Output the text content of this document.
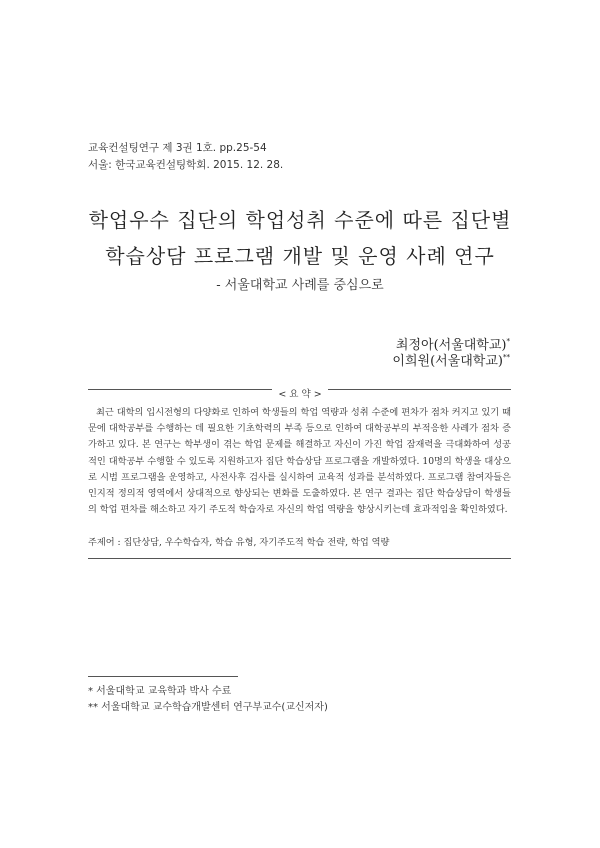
교육컨설팅연구 제 3권 1호. pp.25-54
서울: 한국교육컨설팅학회. 2015. 12. 28.
학업우수 집단의 학업성취 수준에 따른 집단별
학습상담 프로그램 개발 및 운영 사례 연구
- 서울대학교 사례를 중심으로
최정아(서울대학교)*
이희원(서울대학교)**
< 요 약 >
최근 대학의 입시전형의 다양화로 인하여 학생들의 학업 역량과 성취 수준에 편차가 점차 커지고 있기 때문에 대학공부를 수행하는 데 필요한 기초학력의 부족 등으로 인하여 대학공부의 부적응한 사례가 점차 증가하고 있다. 본 연구는 학부생이 겪는 학업 문제를 해결하고 자신이 가진 학업 잠재력을 극대화하여 성공적인 대학공부 수행할 수 있도록 지원하고자 집단 학습상담 프로그램을 개발하였다. 10명의 학생을 대상으로 시범 프로그램을 운영하고, 사전사후 검사를 실시하여 교육적 성과를 분석하였다. 프로그램 참여자들은 인지적 정의적 영역에서 상대적으로 향상되는 변화를 도출하였다. 본 연구 결과는 집단 학습상담이 학생들의 학업 편차를 해소하고 자기 주도적 학습자로 자신의 학업 역량을 향상시키는데 효과적임을 확인하였다.
주제어 : 집단상담, 우수학습자, 학습 유형, 자기주도적 학습 전략, 학업 역량
* 서울대학교 교육학과 박사 수료
** 서울대학교 교수학습개발센터 연구부교수(교신저자)
